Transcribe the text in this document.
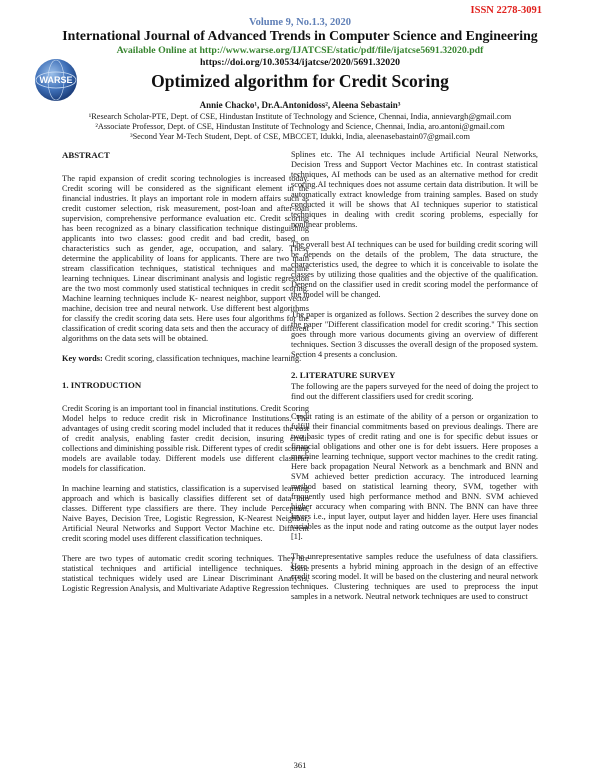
ISSN 2278-3091
Volume 9, No.1.3, 2020
International Journal of Advanced Trends in Computer Science and Engineering
Available Online at http://www.warse.org/IJATCSE/static/pdf/file/ijatcse5691.32020.pdf
https://doi.org/10.30534/ijatcse/2020/5691.32020
WARSE	Optimized algorithm for Credit Scoring
Annie Chacko¹, Dr.A.Antonidoss², Aleena Sebastain³
¹Research Scholar-PTE, Dept. of CSE, Hindustan Institute of Technology and Science, Chennai, India, annievargh@gmail.com
²Associate Professor, Dept. of CSE, Hindustan Institute of Technology and Science, Chennai, India, aro.antoni@gmail.com
³Second Year M-Tech Student, Dept. of CSE, MBCCET, Idukki, India, aleenasebastain07@gmail.com
ABSTRACT

The rapid expansion of credit scoring technologies is increased today. Credit scoring will be considered as the significant element in the financial industries. It plays an important role in modern affairs such as credit customer selection, risk measurement, post-loan and after-loan supervision, comprehensive performance evaluation etc. Credit scoring has been recognized as a binary classification technique distinguishing applicants into two classes: good credit and bad credit, based on characteristics such as gender, age, occupation, and salary. These determine the applicability of loans for applicants. There are two main stream classification techniques, statistical techniques and machine learning techniques. Linear discriminant analysis and logistic regression are the two most commonly used statistical techniques in credit scoring. Machine learning techniques include K- nearest neighbor, support vector machine, decision tree and neural network. Use different best algorithms for classify the credit scoring data sets. Here uses four algorithms for the classification of credit scoring data sets and then the accuracy of different algorithms on the data sets will be obtained.

Key words: Credit scoring, classification techniques, machine learning.

1. INTRODUCTION

Credit Scoring is an important tool in financial institutions. Credit Scoring Model helps to reduce credit risk in Microfinance Institutions. The advantages of using credit scoring model included that it reduces the cost of credit analysis, enabling faster credit decision, insuring credit collections and diminishing possible risk. Different types of credit scoring models are available today. Different models use different classifier models for classification.

In machine learning and statistics, classification is a supervised learning approach and which is basically classifies different set of data into classes. Different type classifiers are there. They include Perceptron, Naive Bayes, Decision Tree, Logistic Regression, K-Nearest Neighbor, Artificial Neural Networks and Support Vector Machine etc. Different credit scoring model uses different classification techniques.

There are two types of automatic credit scoring techniques. They are statistical techniques and artificial intelligence techniques. Some statistical techniques widely used are Linear Discriminant Analysis, Logistic Regression Analysis, and Multivariate Adaptive Regression

Splines etc. The AI techniques include Artificial Neural Networks, Decision Tress and Support Vector Machines etc. In contrast statistical techniques, AI methods can be used as an alternative method for credit scoring.AI techniques does not assume certain data distribution. It will be automatically extract knowledge from training samples. Based on study conducted it will be shows that AI techniques superior to statistical techniques in dealing with credit scoring problems, especially for nonlinear problems.

The overall best AI techniques can be used for building credit scoring will be depends on the details of the problem, The data structure, the characteristics used, the degree to which it is conceivable to isolate the classes by utilizing those qualities and the objective of the qualification. Depend on the classifier used in credit scoring model the performance of the model will be changed.

The paper is organized as follows. Section 2 describes the survey done on the paper "Different classification model for credit scoring." This section goes through more various documents giving an overview of different techniques. Section 3 discusses the overall design of the proposed system. Section 4 presents a conclusion.

2. LITERATURE SURVEY

The following are the papers surveyed for the need of doing the project to find out the different classifiers used for credit scoring.

Credit rating is an estimate of the ability of a person or organization to fulfill their financial commitments based on previous dealings. There are two basic types of credit rating and one is for specific debut issues or financial obligations and other one is for debt issuers. Here proposes a machine learning technique, support vector machines to the credit rating. Here back propagation Neural Network as a benchmark and BNN and SVM achieved better prediction accuracy. The introduced learning method based on statistical learning theory, SVM, together with frequently used high performance method and BNN. SVM achieved higher accuracy when comparing with BNN. The BNN can have three layers i.e., input layer, output layer and hidden layer. Here uses financial variables as the input node and rating outcome as the output layer nodes [1].

The unrepresentative samples reduce the usefulness of data classifiers. Here presents a hybrid mining approach in the design of an effective credit scoring model. It will be based on the clustering and neural network techniques. Clustering techniques are used to preprocess the input samples in a network. Neutral network techniques are used to construct

361
